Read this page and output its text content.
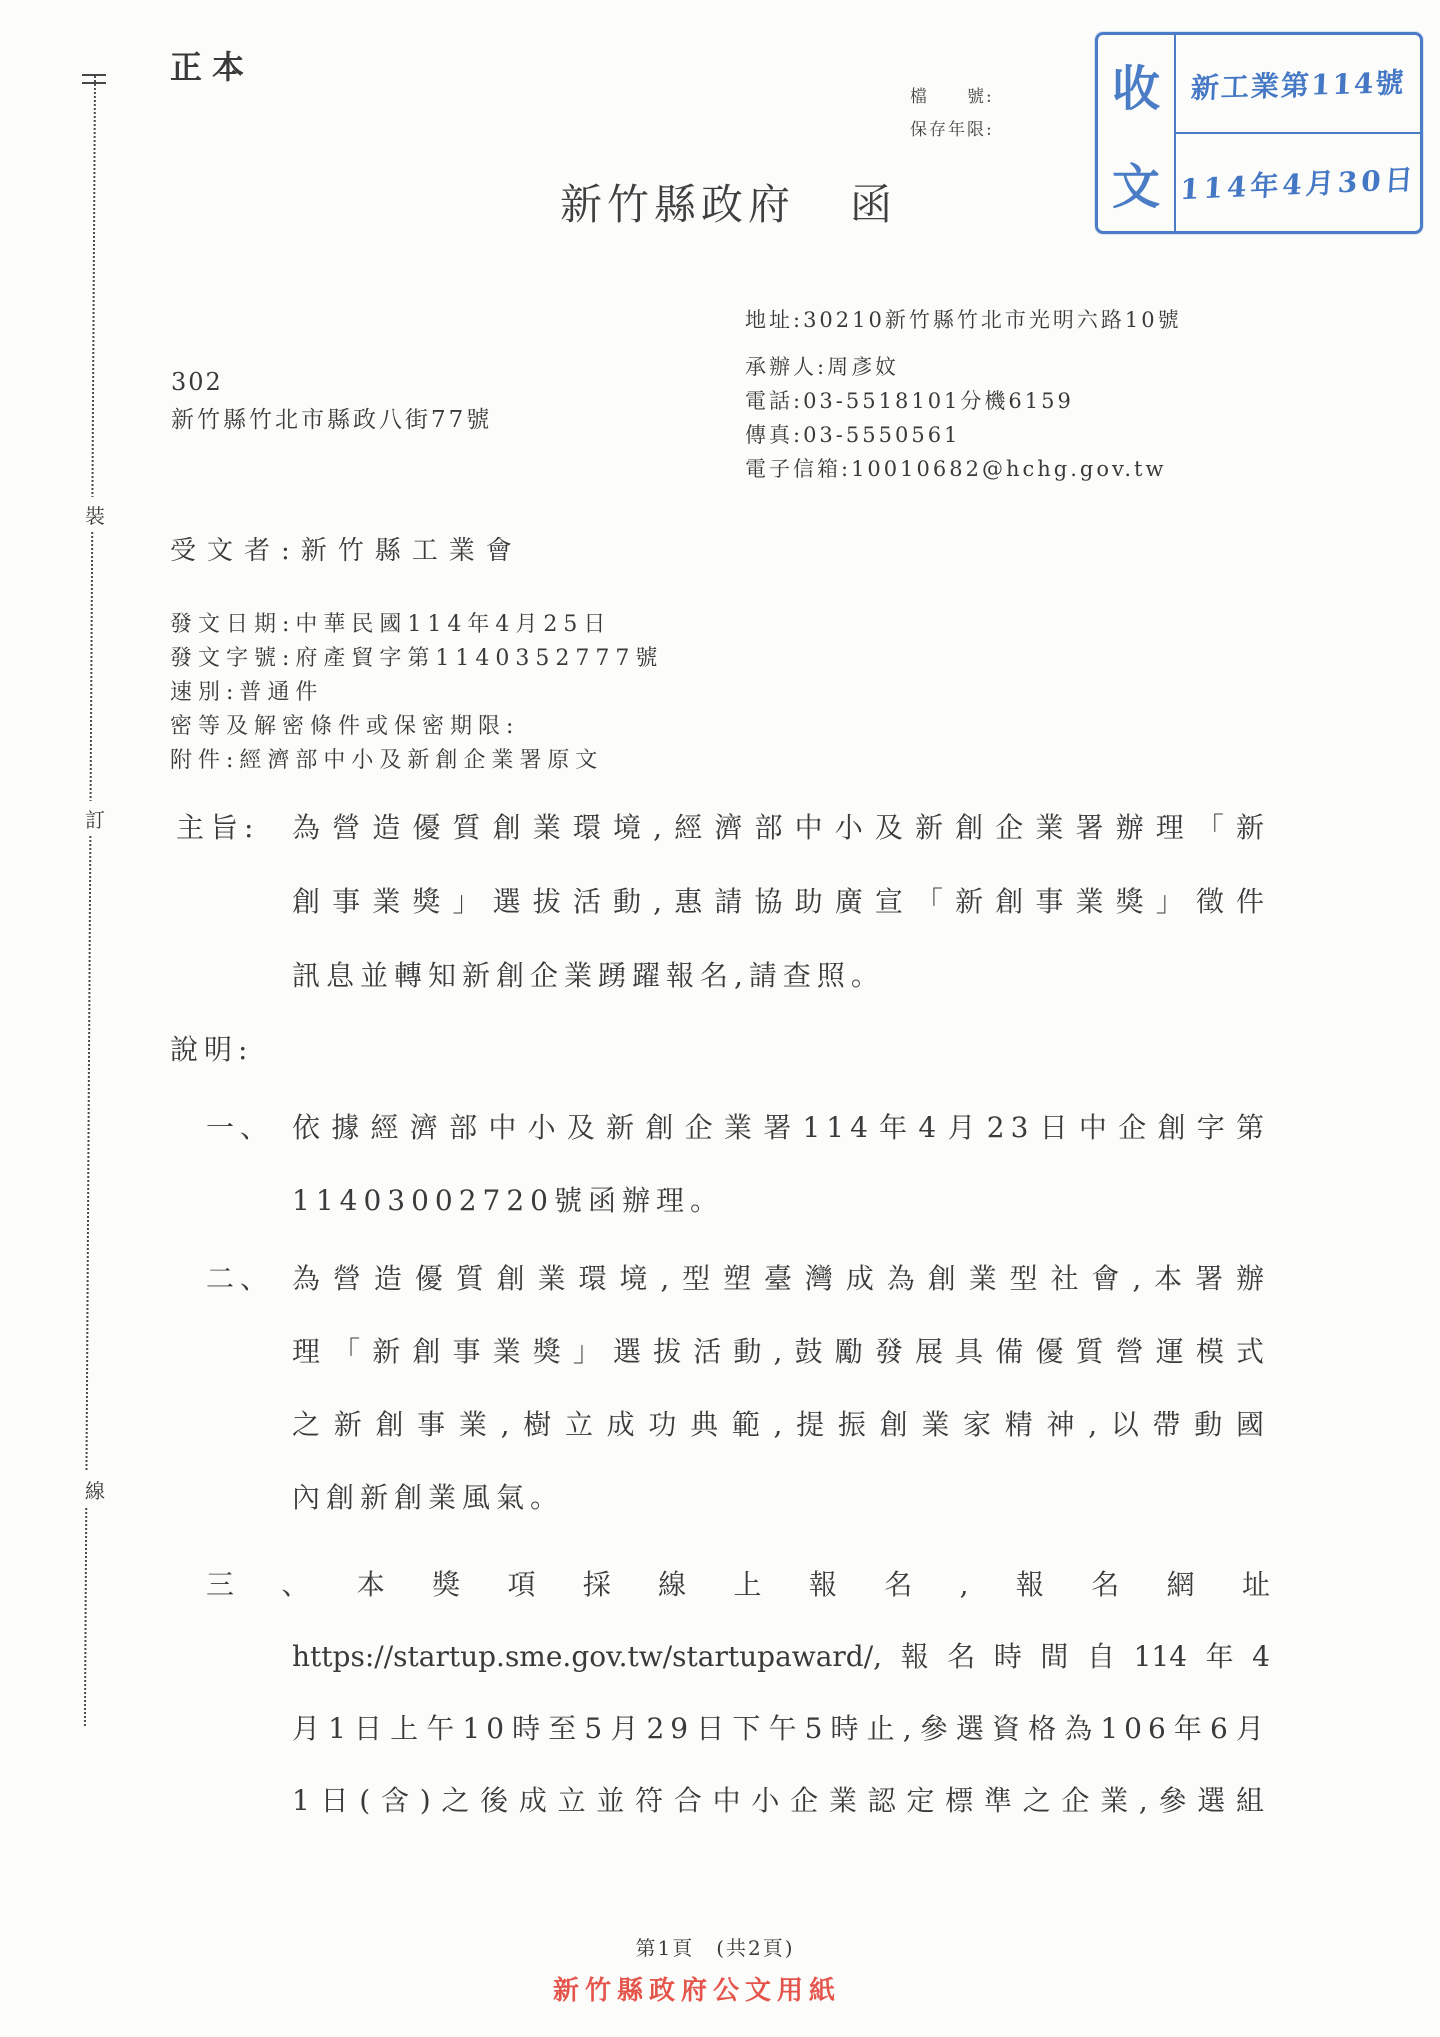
正本
檔　　號:
保存年限:
收
文
新工業第114號
114年4月30日
新竹縣政府 函
地址:30210新竹縣竹北市光明六路10號
承辦人:周彥妏
電話:03-5518101分機6159
傳真:03-5550561
電子信箱:10010682@hchg.gov.tw
302
新竹縣竹北市縣政八街77號
受文者:新竹縣工業會
發文日期:中華民國114年4月25日
發文字號:府產貿字第1140352777號
速別:普通件
密等及解密條件或保密期限:
附件:經濟部中小及新創企業署原文
主旨: 為營造優質創業環境,經濟部中小及新創企業署辦理「新
創事業獎」選拔活動,惠請協助廣宣「新創事業獎」徵件
訊息並轉知新創企業踴躍報名,請查照。
說明:
一、 依據經濟部中小及新創企業署114年4月23日中企創字第
11403002720號函辦理。
二、 為營造優質創業環境,型塑臺灣成為創業型社會,本署辦
理「新創事業獎」選拔活動,鼓勵發展具備優質營運模式
之新創事業,樹立成功典範,提振創業家精神,以帶動國
內創新創業風氣。
三、本獎項採線上報名,報名網址
https://startup.sme.gov.tw/startupaward/,報名時間自114年4
月1日上午10時至5月29日下午5時止,參選資格為106年6月
1日(含)之後成立並符合中小企業認定標準之企業,參選組
裝
訂
線
第1頁　(共2頁)
新竹縣政府公文用紙
